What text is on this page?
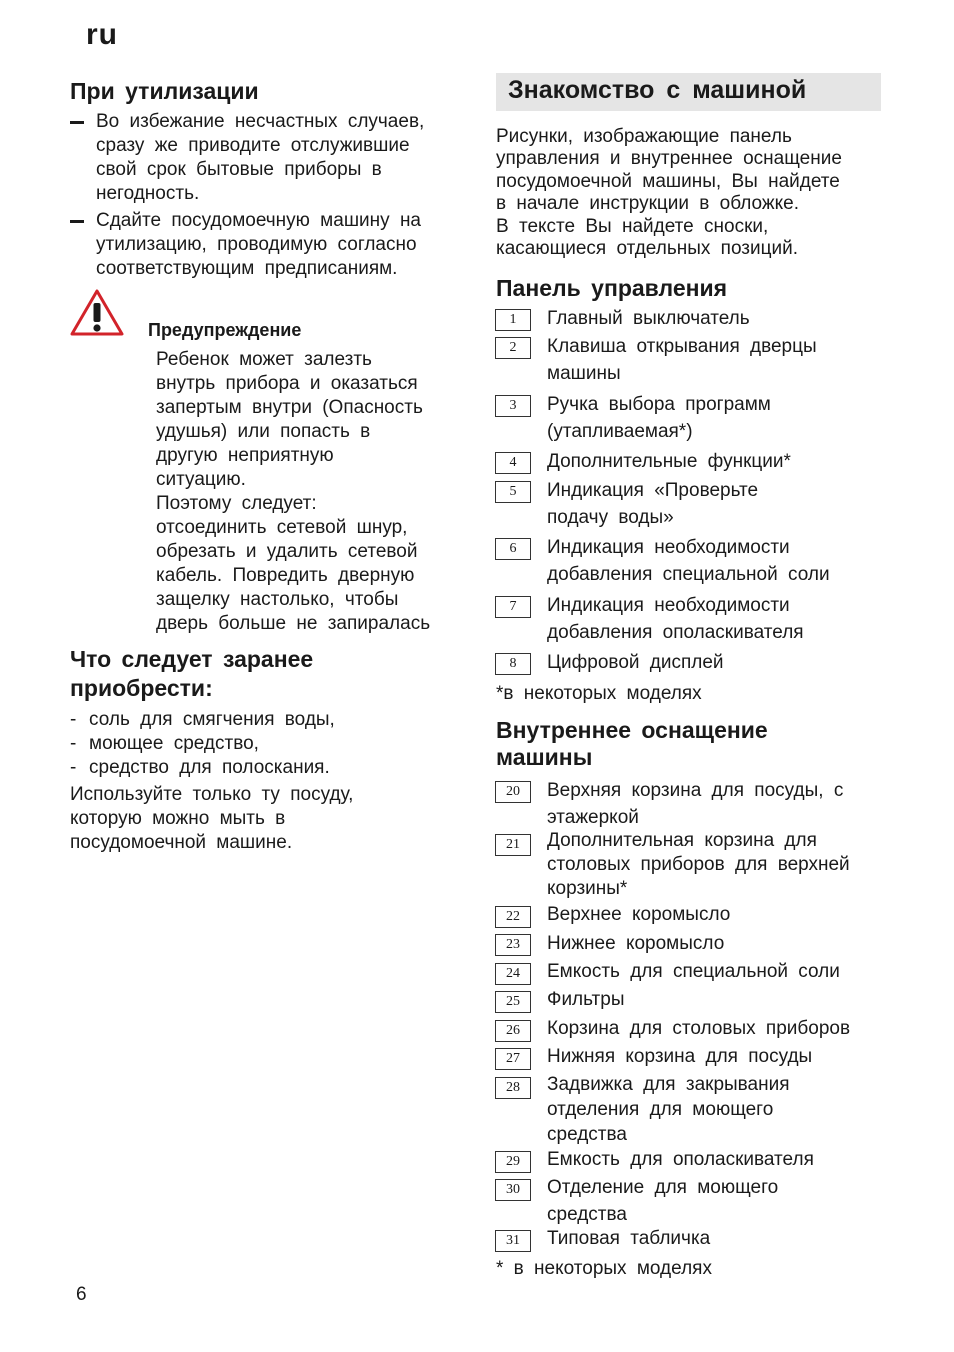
ru
При утилизации
Во избежание несчастных случаев, сразу же приводите отслужившие свой срок бытовые приборы в негодность.
Сдайте посудомоечную машину на утилизацию, проводимую согласно соответствующим предписаниям.
Предупреждение
Ребенок может залезть
внутрь прибора и оказаться
запертым внутри (Опасность
удушья) или попасть в
другую неприятную
ситуацию.
Поэтому следует:
отсоединить сетевой шнур,
обрезать и удалить сетевой
кабель. Повредить дверную
защелку настолько, чтобы
дверь больше не запиралась
Что следует заранее
приобрести:
- соль для смягчения воды,
- моющее средство,
- средство для полоскания.
Используйте только ту посуду, которую можно мыть в посудомоечной машине.
6
Знакомство с машиной
Рисунки, изображающие панель
управления и внутреннее оснащение
посудомоечной машины, Вы найдете
в начале инструкции в обложке.
В тексте Вы найдете сноски,
касающиеся отдельных позиций.
Панель управления
1	Главный выключатель
2	Клавиша открывания дверцы машины
3	Ручка выбора программ (утапливаемая*)
4	Дополнительные функции*
5	Индикация «Проверьте подачу воды»
6	Индикация необходимости добавления специальной соли
7	Индикация необходимости добавления ополаскивателя
8	Цифровой дисплей
*в некоторых моделях
Внутреннее оснащение
машины
20	Верхняя корзина для посуды, с этажеркой
21	Дополнительная корзина для столовых приборов для верхней корзины*
22	Верхнее коромысло
23	Нижнее коромысло
24	Емкость для специальной соли
25	Фильтры
26	Корзина для столовых приборов
27	Нижняя корзина для посуды
28	Задвижка для закрывания отделения для моющего средства
29	Емкость для ополаскивателя
30	Отделение для моющего средства
31	Типовая табличка
* в некоторых моделях
